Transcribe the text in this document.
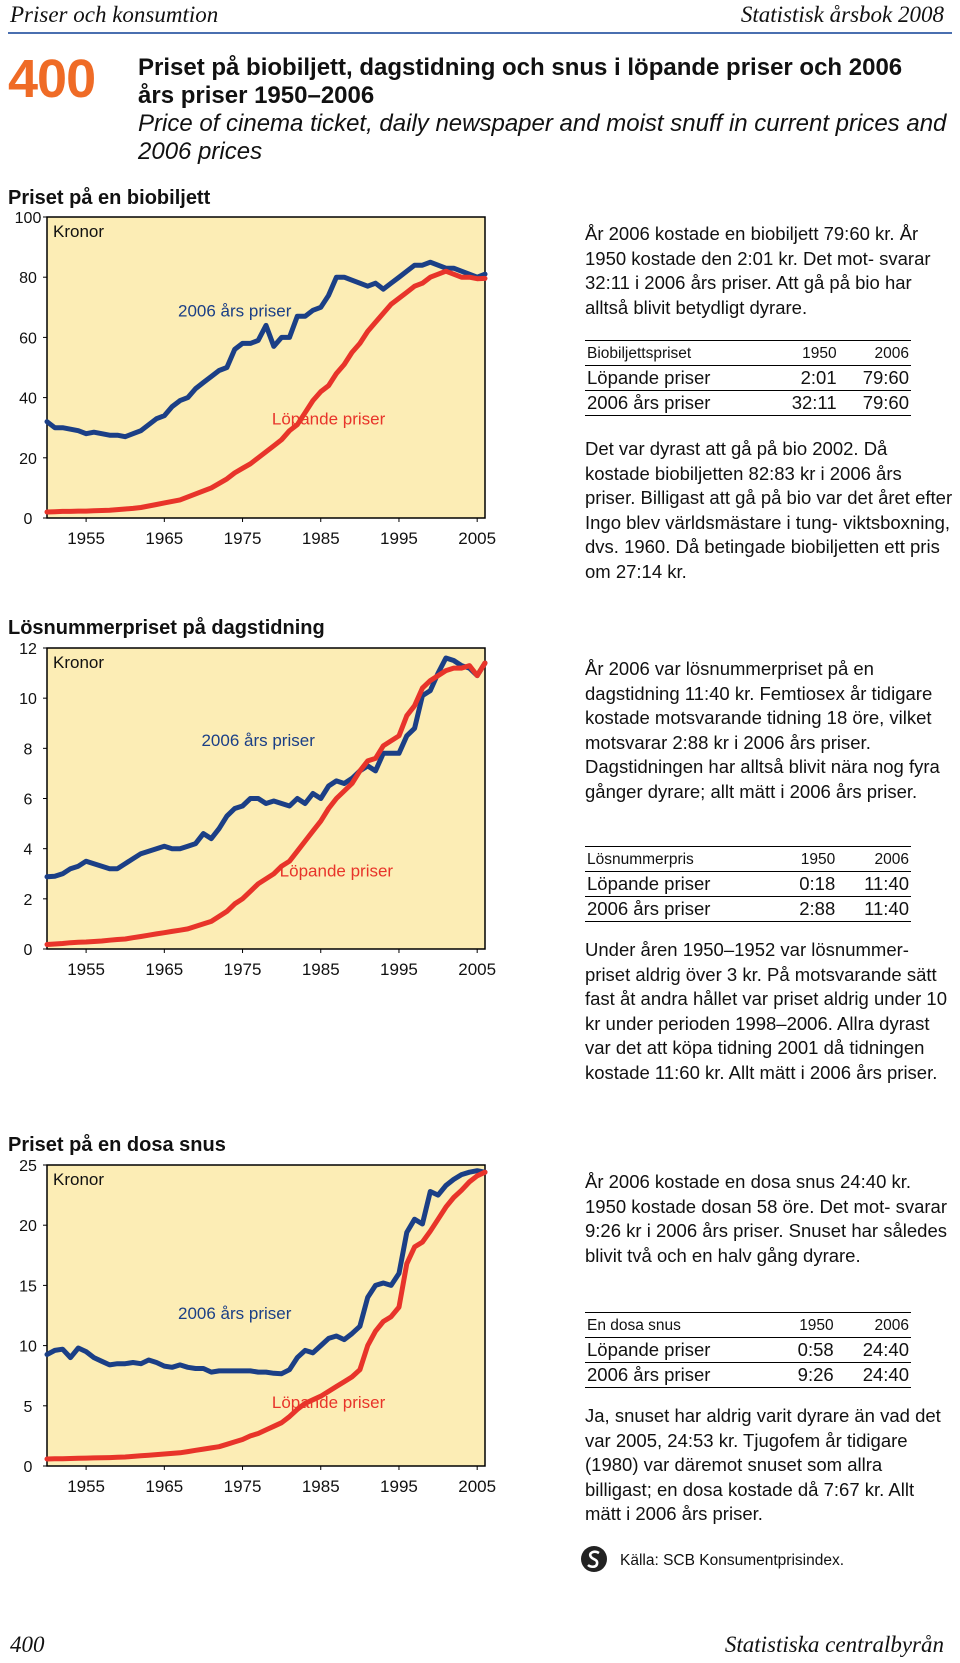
Priser och konsumtion	Statistisk årsbok 2008
400 Priset på biobiljett, dagstidning och snus i löpande priser och 2006 års priser 1950–2006
Price of cinema ticket, daily newspaper and moist snuff in current prices and 2006 prices
Priset på en biobiljett
0
20
40
60
80
100
1955 1965 1975 1985 1995 2005
Kronor
2006 års priser
Löpande priser

År 2006 kostade en biobiljett 79:60 kr. År 1950 kostade den 2:01 kr. Det mot- svarar 32:11 i 2006 års priser. Att gå på bio har alltså blivit betydligt dyrare.

Biobiljettspriset	1950	2006
Löpande priser	2:01	79:60
2006 års priser	32:11	79:60

Det var dyrast att gå på bio 2002. Då kostade biobiljetten 82:83 kr i 2006 års priser. Billigast att gå på bio var det året efter Ingo blev världsmästare i tung- viktsboxning, dvs. 1960. Då betingade biobiljetten ett pris om 27:14 kr.

Lösnummerpriset på dagstidning
0
2
4
6
8
10
12
1955 1965 1975 1985 1995 2005
Kronor
2006 års priser
Löpande priser

År 2006 var lösnummerpriset på en dagstidning 11:40 kr. Femtiosex år tidigare kostade motsvarande tidning 18 öre, vilket motsvarar 2:88 kr i 2006 års priser. Dagstidningen har alltså blivit nära nog fyra gånger dyrare; allt mätt i 2006 års priser.

Lösnummerpris	1950	2006
Löpande priser	0:18	11:40
2006 års priser	2:88	11:40

Under åren 1950–1952 var lösnummer- priset aldrig över 3 kr. På motsvarande sätt fast åt andra hållet var priset aldrig under 10 kr under perioden 1998–2006. Allra dyrast var det att köpa tidning 2001 då tidningen kostade 11:60 kr. Allt mätt i 2006 års priser.

Priset på en dosa snus
0
5
10
15
20
25
1955 1965 1975 1985 1995 2005
Kronor
2006 års priser
Löpande priser

År 2006 kostade en dosa snus 24:40 kr. 1950 kostade dosan 58 öre. Det mot- svarar 9:26 kr i 2006 års priser. Snuset har således blivit två och en halv gång dyrare.

En dosa snus	1950	2006
Löpande priser	0:58	24:40
2006 års priser	9:26	24:40

Ja, snuset har aldrig varit dyrare än vad det var 2005, 24:53 kr. Tjugofem år tidigare (1980) var däremot snuset som allra billigast; en dosa kostade då 7:67 kr. Allt mätt i 2006 års priser.

Källa: SCB Konsumentprisindex.
400	Statistiska centralbyrån
